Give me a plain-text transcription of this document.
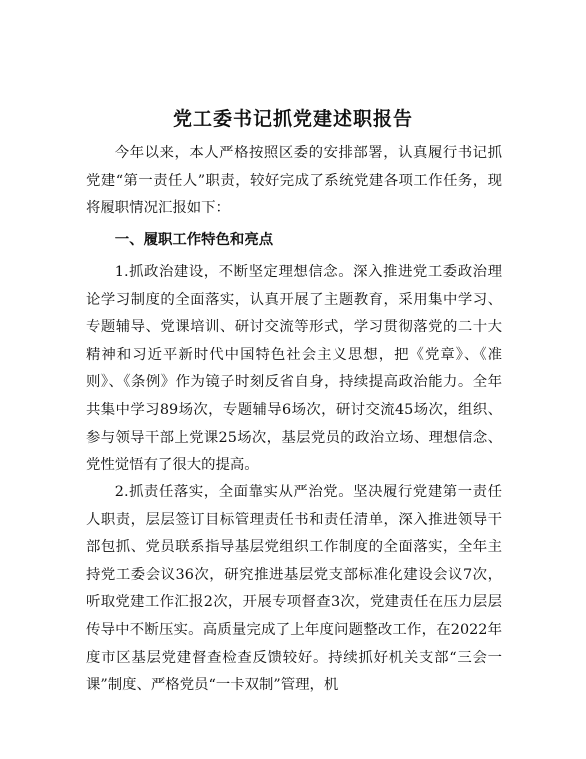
党工委书记抓党建述职报告

今年以来，本人严格按照区委的安排部署，认真履行书记抓党建“第一责任人”职责，较好完成了系统党建各项工作任务，现将履职情况汇报如下：

一、履职工作特色和亮点

1.抓政治建设，不断坚定理想信念。深入推进党工委政治理论学习制度的全面落实，认真开展了主题教育，采用集中学习、专题辅导、党课培训、研讨交流等形式，学习贯彻落党的二十大精神和习近平新时代中国特色社会主义思想，把《党章》、《准则》、《条例》作为镜子时刻反省自身，持续提高政治能力。全年共集中学习89场次，专题辅导6场次，研讨交流45场次，组织、参与领导干部上党课25场次，基层党员的政治立场、理想信念、党性觉悟有了很大的提高。

2.抓责任落实，全面靠实从严治党。坚决履行党建第一责任人职责，层层签订目标管理责任书和责任清单，深入推进领导干部包抓、党员联系指导基层党组织工作制度的全面落实，全年主持党工委会议36次，研究推进基层党支部标准化建设会议7次，听取党建工作汇报2次，开展专项督查3次，党建责任在压力层层传导中不断压实。高质量完成了上年度问题整改工作，在2022年度市区基层党建督查检查反馈较好。持续抓好机关支部“三会一课”制度、严格党员“一卡双制”管理，机
